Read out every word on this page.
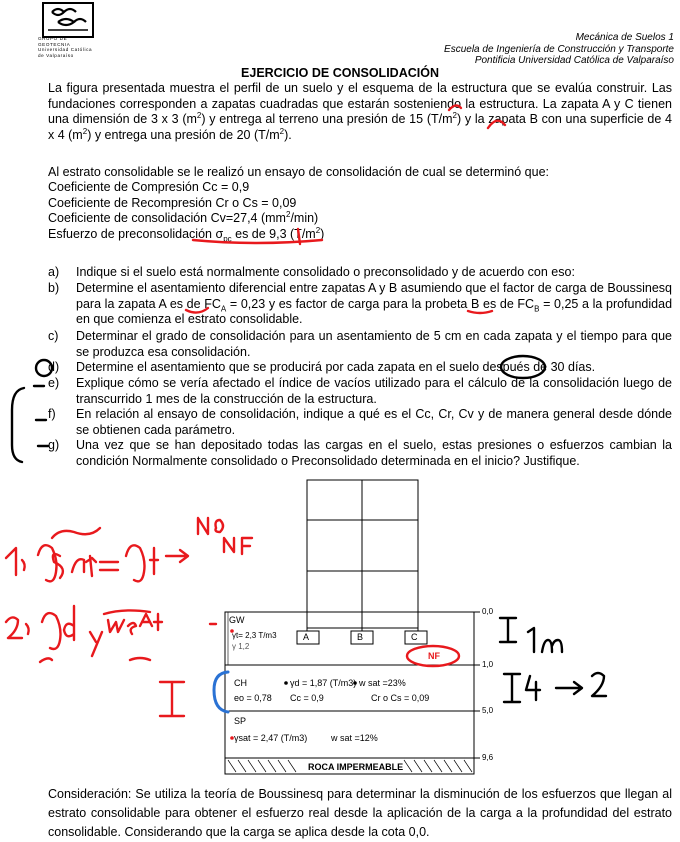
GRUPO DE GEOTECNIA Universidad Católica de Valparaíso
Mecánica de Suelos 1
Escuela de Ingeniería de Construcción y Transporte
Pontificia Universidad Católica de Valparaíso
EJERCICIO DE CONSOLIDACIÓN
La figura presentada muestra el perfil de un suelo y el esquema de la estructura que se evalúa construir. Las fundaciones corresponden a zapatas cuadradas que estarán sosteniendo la estructura. La zapata A y C tienen una dimensión de 3 x 3 $(m^2)$ y entrega al terreno una presión de 15 $(T/m^2)$ y la zapata B con una superficie de 4 x 4 $(m^2)$ y entrega una presión de 20 $(T/m^2)$.
Al estrato consolidable se le realizó un ensayo de consolidación de cual se determinó que:
Coeficiente de Compresión Cc = 0,9
Coeficiente de Recompresión Cr o Cs = 0,09
Coeficiente de consolidación Cv=27,4 $(mm^2/\min)$
Esfuerzo de preconsolidación $\sigma_{pc}$ es de 9,3 $(T/m^2)$
a) Indique si el suelo está normalmente consolidado o preconsolidado y de acuerdo con eso:
b) Determine el asentamiento diferencial entre zapatas A y B asumiendo que el factor de carga de Boussinesq para la zapata A es de $FC_A = 0,23$ y es factor de carga para la probeta B es de $FC_B = 0,25$ a la profundidad en que comienza el estrato consolidable.
c) Determinar el grado de consolidación para un asentamiento de 5 cm en cada zapata y el tiempo para que se produzca esa consolidación.
d) Determine el asentamiento que se producirá por cada zapata en el suelo después de 30 días.
e) Explique cómo se vería afectado el índice de vacíos utilizado para el cálculo de la consolidación luego de transcurrido 1 mes de la construcción de la estructura.
f) En relación al ensayo de consolidación, indique a qué es el Cc, Cr, Cv y de manera general desde dónde se obtienen cada parámetro.
g) Una vez que se han depositado todas las cargas en el suelo, estas presiones o esfuerzos cambian la condición Normalmente consolidado o Preconsolidado determinada en el inicio? Justifique.
GW
γt= 2,3 T/m3
γ 1,2
A	B	C
NF
CH	γd = 1,87 (T/m3) w sat =23%
eo = 0,78 Cc = 0,9	Cr o Cs = 0,09
SP
γsat = 2,47 (T/m3)	w sat =12%
ROCA IMPERMEABLE
0,0
1,0
5,0
9,6
Consideración: Se utiliza la teoría de Boussinesq para determinar la disminución de los esfuerzos que llegan al estrato consolidable para obtener el esfuerzo real desde la aplicación de la carga a la profundidad del estrato consolidable. Considerando que la carga se aplica desde la cota 0,0.
